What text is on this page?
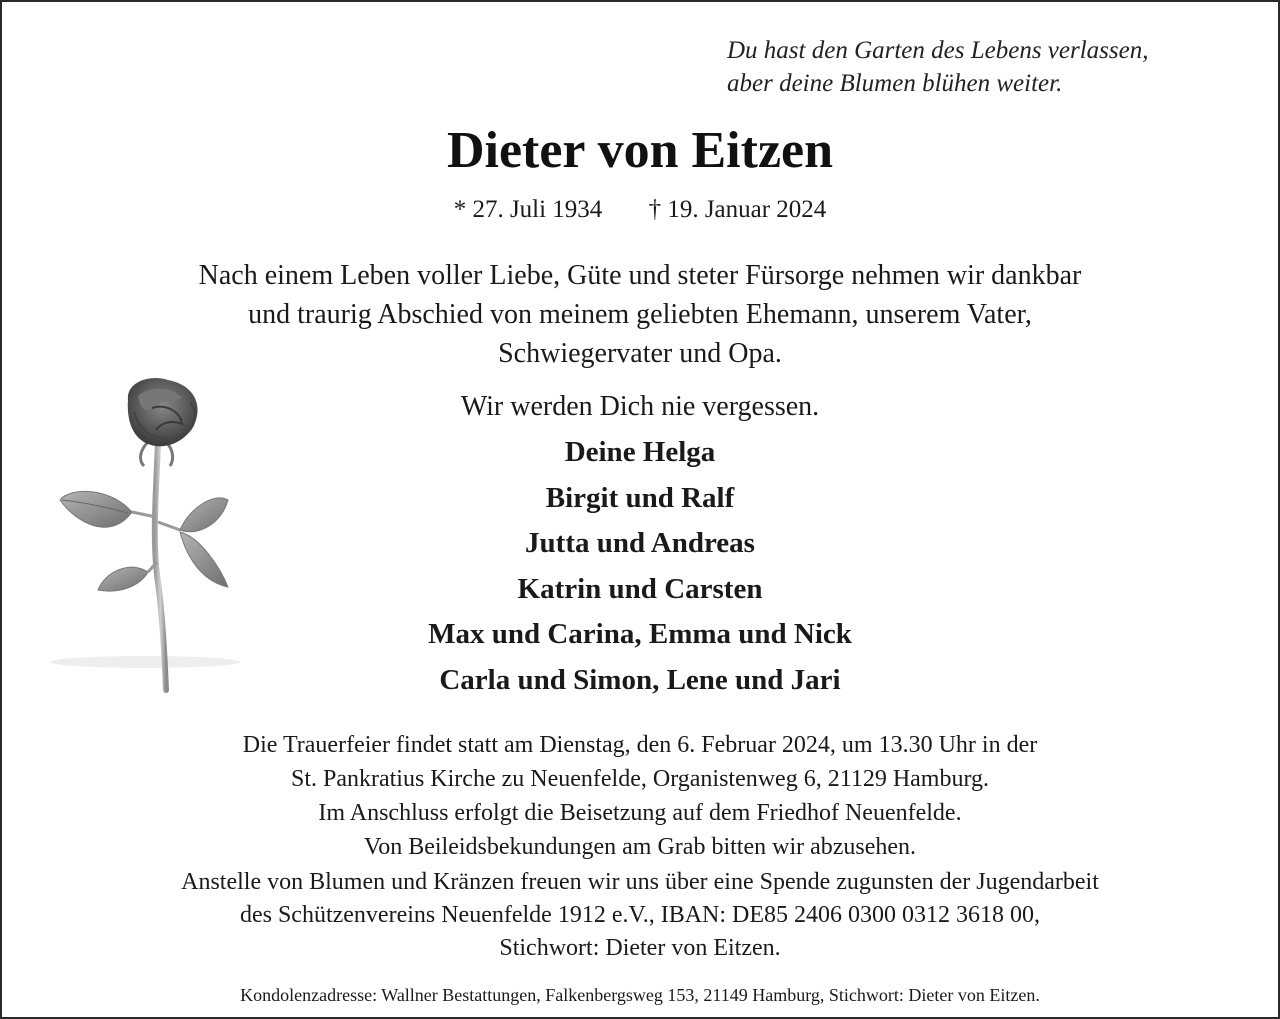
Du hast den Garten des Lebens verlassen,
aber deine Blumen blühen weiter.
Dieter von Eitzen
* 27. Juli 1934 † 19. Januar 2024
Nach einem Leben voller Liebe, Güte und steter Fürsorge nehmen wir dankbar
und traurig Abschied von meinem geliebten Ehemann, unserem Vater,
Schwiegervater und Opa.
Wir werden Dich nie vergessen.
Deine Helga
Birgit und Ralf
Jutta und Andreas
Katrin und Carsten
Max und Carina, Emma und Nick
Carla und Simon, Lene und Jari
Die Trauerfeier findet statt am Dienstag, den 6. Februar 2024, um 13.30 Uhr in der
St. Pankratius Kirche zu Neuenfelde, Organistenweg 6, 21129 Hamburg.
Im Anschluss erfolgt die Beisetzung auf dem Friedhof Neuenfelde.
Von Beileidsbekundungen am Grab bitten wir abzusehen.
Anstelle von Blumen und Kränzen freuen wir uns über eine Spende zugunsten der Jugendarbeit
des Schützenvereins Neuenfelde 1912 e.V., IBAN: DE85 2406 0300 0312 3618 00,
Stichwort: Dieter von Eitzen.
Kondolenzadresse: Wallner Bestattungen, Falkenbergsweg 153, 21149 Hamburg, Stichwort: Dieter von Eitzen.
